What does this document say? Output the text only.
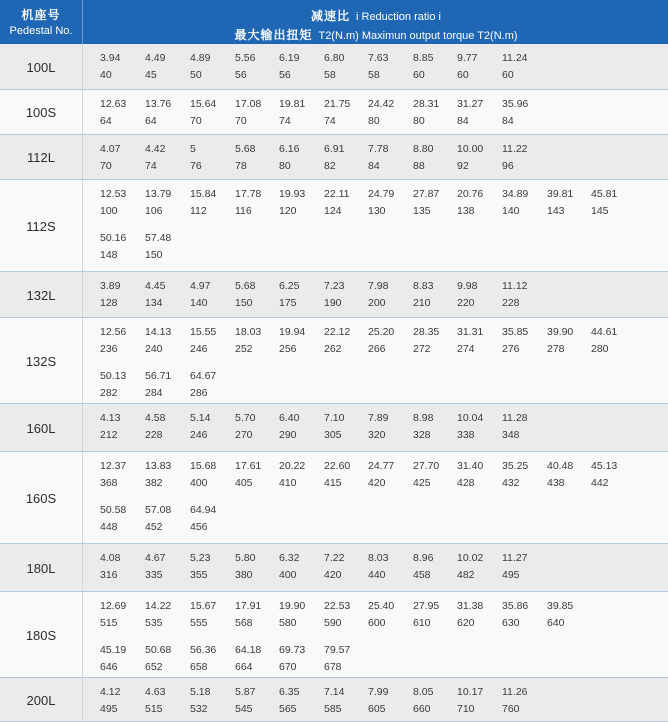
机座号
Pedestal No.
减速比 i Reduction ratio i
最大输出扭矩 T2(N.m) Maximun output torque T2(N.m)
100L
3.94
40
4.49
45
4.89
50
5.56
56
6.19
56
6.80
58
7.63
58
8.85
60
9.77
60
11.24
60
100S
12.63
64
13.76
64
15.64
70
17.08
70
19.81
74
21.75
74
24.42
80
28.31
80
31.27
84
35.96
84
112L
4.07
70
4.42
74
5
76
5.68
78
6.16
80
6.91
82
7.78
84
8.80
88
10.00
92
11.22
96
112S
12.53
100
13.79
106
15.84
112
17.78
116
19.93
120
22.11
124
24.79
130
27.87
135
20.76
138
34.89
140
39.81
143
45.81
145
50.16
148
57.48
150
132L
3.89
128
4.45
134
4.97
140
5.68
150
6.25
175
7.23
190
7.98
200
8.83
210
9.98
220
11.12
228
132S
12.56
236
14.13
240
15.55
246
18.03
252
19.94
256
22.12
262
25.20
266
28.35
272
31.31
274
35.85
276
39.90
278
44.61
280
50.13
282
56.71
284
64.67
286
160L
4.13
212
4.58
228
5.14
246
5.70
270
6.40
290
7.10
305
7.89
320
8.98
328
10.04
338
11.28
348
160S
12.37
368
13.83
382
15.68
400
17.61
405
20.22
410
22.60
415
24.77
420
27.70
425
31.40
428
35.25
432
40.48
438
45.13
442
50.58
448
57.08
452
64.94
456
180L
4.08
316
4.67
335
5.23
355
5.80
380
6.32
400
7.22
420
8.03
440
8.96
458
10.02
482
11.27
495
180S
12.69
515
14.22
535
15.67
555
17.91
568
19.90
580
22.53
590
25.40
600
27.95
610
31.38
620
35.86
630
39.85
640
45.19
646
50.68
652
56.36
658
64.18
664
69.73
670
79.57
678
200L
4.12
495
4.63
515
5.18
532
5.87
545
6.35
565
7.14
585
7.99
605
8.05
660
10.17
710
11.26
760
